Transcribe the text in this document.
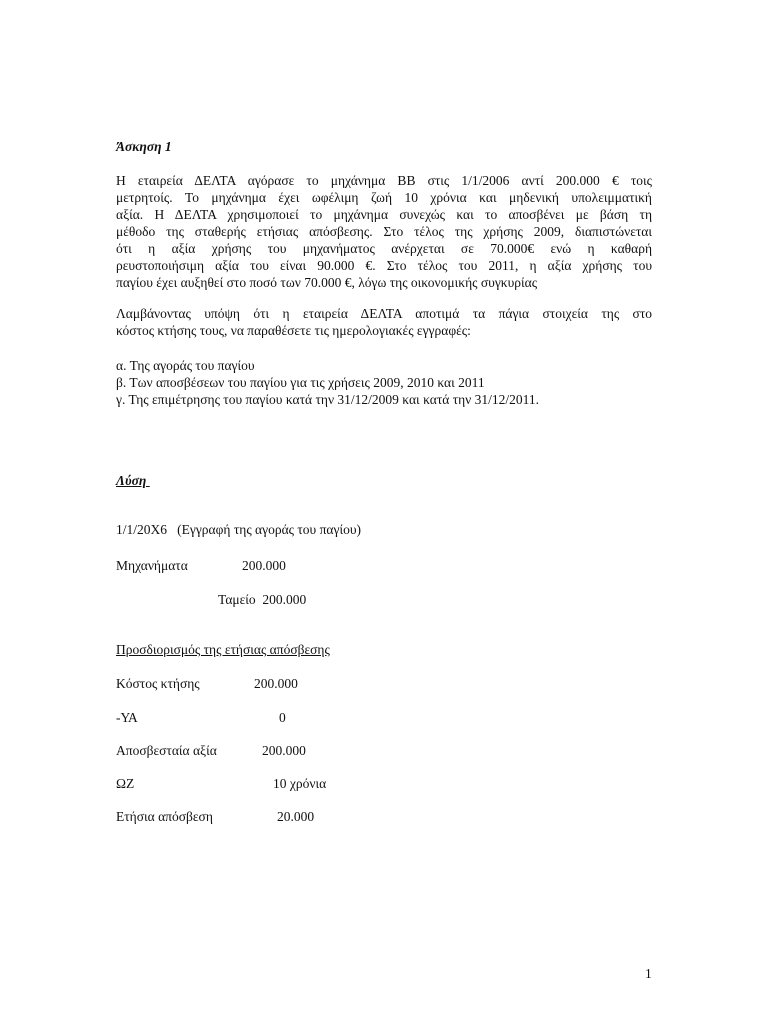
Άσκηση 1
Η εταιρεία ΔΕΛΤΑ αγόρασε το μηχάνημα ΒΒ στις 1/1/2006 αντί 200.000 € τοις
μετρητοίς. Το μηχάνημα έχει ωφέλιμη ζωή 10 χρόνια και μηδενική υπολειμματική
αξία. Η ΔΕΛΤΑ χρησιμοποιεί το μηχάνημα συνεχώς και το αποσβένει με βάση τη
μέθοδο της σταθερής ετήσιας απόσβεσης. Στο τέλος της χρήσης 2009, διαπιστώνεται
ότι η αξία χρήσης του μηχανήματος ανέρχεται σε 70.000€ ενώ η καθαρή
ρευστοποιήσιμη αξία του είναι 90.000 €. Στο τέλος του 2011, η αξία χρήσης του
παγίου έχει αυξηθεί στο ποσό των 70.000 €, λόγω της οικονομικής συγκυρίας
Λαμβάνοντας υπόψη ότι η εταιρεία ΔΕΛΤΑ αποτιμά τα πάγια στοιχεία της στο
κόστος κτήσης τους, να παραθέσετε τις ημερολογιακές εγγραφές:
α. Της αγοράς του παγίου
β. Των αποσβέσεων του παγίου για τις χρήσεις 2009, 2010 και 2011
γ. Της επιμέτρησης του παγίου κατά την 31/12/2009 και κατά την 31/12/2011.
Λύση
1/1/20Χ6   (Εγγραφή της αγοράς του παγίου)
Μηχανήματα	200.000
Ταμείο  200.000
Προσδιορισμός της ετήσιας απόσβεσης
Κόστος κτήσης	200.000
-ΥΑ	0
Αποσβεσταία αξία	200.000
ΩΖ	10 χρόνια
Ετήσια απόσβεση	20.000
1
